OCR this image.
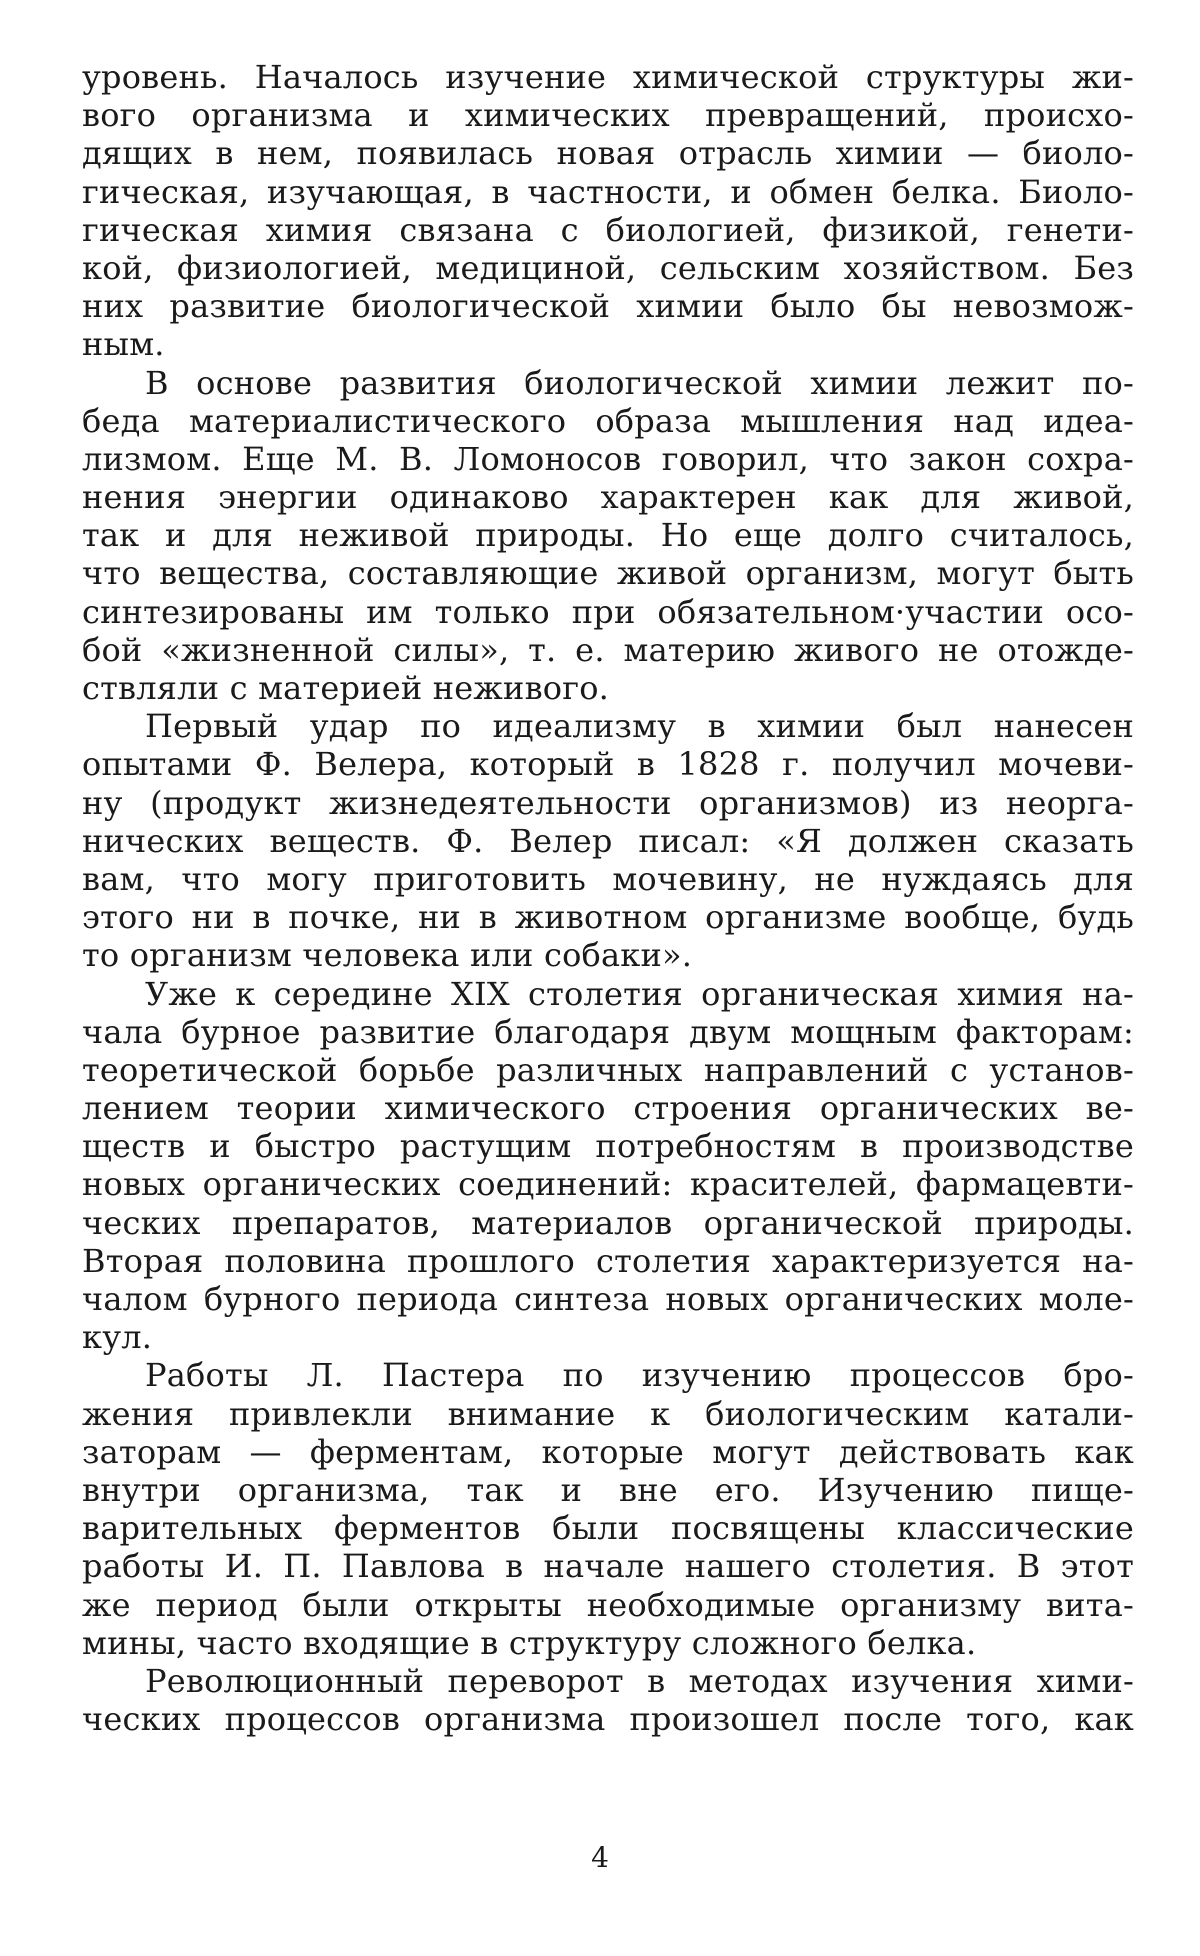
уровень. Началось изучение химической структуры жи-
вого организма и химических превращений, происхо-
дящих в нем, появилась новая отрасль химии — биоло-
гическая, изучающая, в частности, и обмен белка. Биоло-
гическая химия связана с биологией, физикой, генети-
кой, физиологией, медициной, сельским хозяйством. Без
них развитие биологической химии было бы невозмож-
ным.
В основе развития биологической химии лежит по-
беда материалистического образа мышления над идеа-
лизмом. Еще М. В. Ломоносов говорил, что закон сохра-
нения энергии одинаково характерен как для живой,
так и для неживой природы. Но еще долго считалось,
что вещества, составляющие живой организм, могут быть
синтезированы им только при обязательном·участии осо-
бой «жизненной силы», т. е. материю живого не отожде-
ствляли с материей неживого.
Первый удар по идеализму в химии был нанесен
опытами Ф. Велера, который в 1828 г. получил мочеви-
ну (продукт жизнедеятельности организмов) из неорга-
нических веществ. Ф. Велер писал: «Я должен сказать
вам, что могу приготовить мочевину, не нуждаясь для
этого ни в почке, ни в животном организме вообще, будь
то организм человека или собаки».
Уже к середине XIX столетия органическая химия на-
чала бурное развитие благодаря двум мощным факторам:
теоретической борьбе различных направлений с установ-
лением теории химического строения органических ве-
ществ и быстро растущим потребностям в производстве
новых органических соединений: красителей, фармацевти-
ческих препаратов, материалов органической природы.
Вторая половина прошлого столетия характеризуется на-
чалом бурного периода синтеза новых органических моле-
кул.
Работы Л. Пастера по изучению процессов бро-
жения привлекли внимание к биологическим катали-
заторам — ферментам, которые могут действовать как
внутри организма, так и вне его. Изучению пище-
варительных ферментов были посвящены классические
работы И. П. Павлова в начале нашего столетия. В этот
же период были открыты необходимые организму вита-
мины, часто входящие в структуру сложного белка.
Революционный переворот в методах изучения хими-
ческих процессов организма произошел после того, как
4
